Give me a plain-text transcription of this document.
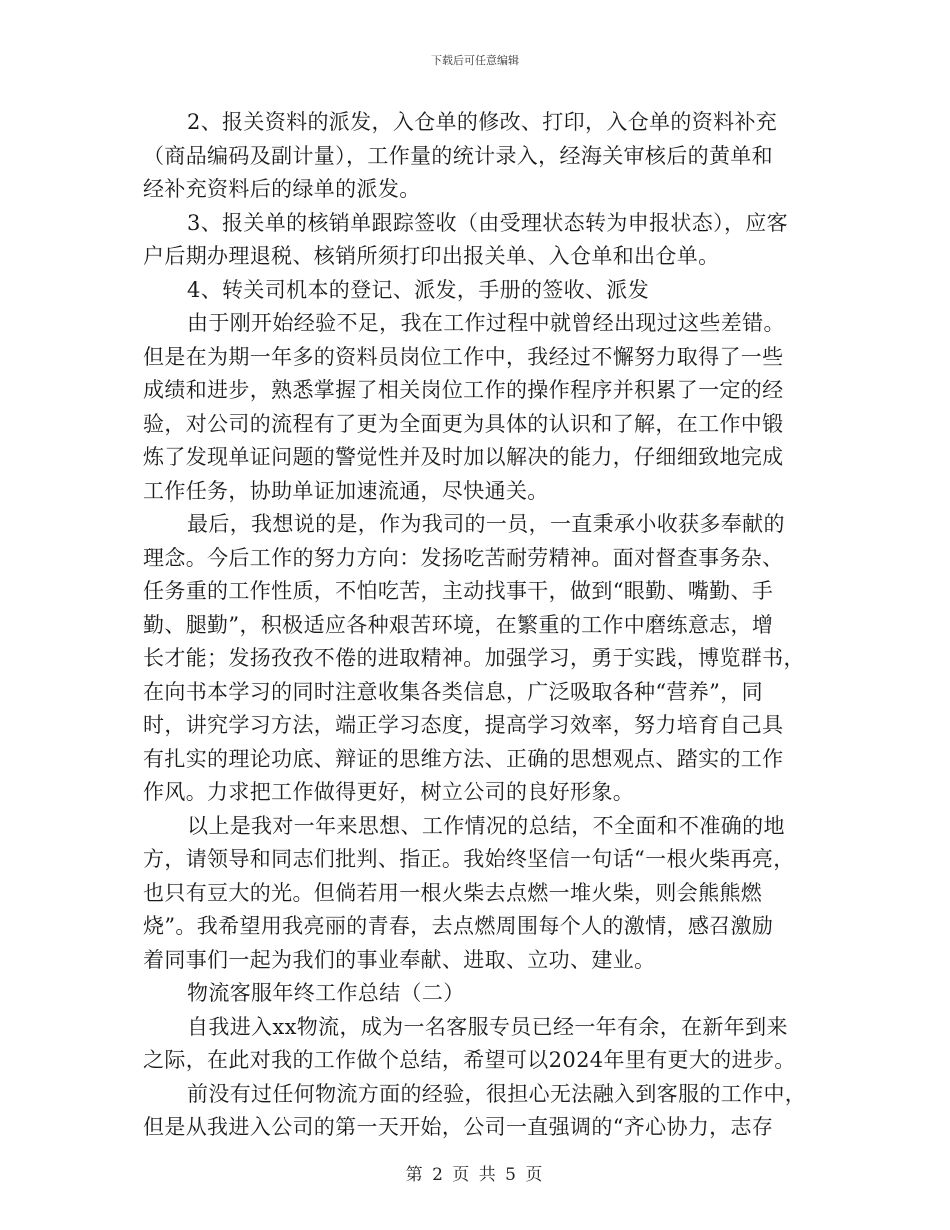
下载后可任意编辑
2、报关资料的派发，入仓单的修改、打印，入仓单的资料补充
（商品编码及副计量），工作量的统计录入，经海关审核后的黄单和
经补充资料后的绿单的派发。
3、报关单的核销单跟踪签收（由受理状态转为申报状态），应客
户后期办理退税、核销所须打印出报关单、入仓单和出仓单。
4、转关司机本的登记、派发，手册的签收、派发
由于刚开始经验不足，我在工作过程中就曾经出现过这些差错。
但是在为期一年多的资料员岗位工作中，我经过不懈努力取得了一些
成绩和进步，熟悉掌握了相关岗位工作的操作程序并积累了一定的经
验，对公司的流程有了更为全面更为具体的认识和了解，在工作中锻
炼了发现单证问题的警觉性并及时加以解决的能力，仔细细致地完成
工作任务，协助单证加速流通，尽快通关。
最后，我想说的是，作为我司的一员，一直秉承小收获多奉献的
理念。今后工作的努力方向：发扬吃苦耐劳精神。面对督查事务杂、
任务重的工作性质，不怕吃苦，主动找事干，做到“眼勤、嘴勤、手
勤、腿勤”，积极适应各种艰苦环境，在繁重的工作中磨练意志，增
长才能；发扬孜孜不倦的进取精神。加强学习，勇于实践，博览群书，
在向书本学习的同时注意收集各类信息，广泛吸取各种“营养”，同
时，讲究学习方法，端正学习态度，提高学习效率，努力培育自己具
有扎实的理论功底、辩证的思维方法、正确的思想观点、踏实的工作
作风。力求把工作做得更好，树立公司的良好形象。
以上是我对一年来思想、工作情况的总结，不全面和不准确的地
方，请领导和同志们批判、指正。我始终坚信一句话“一根火柴再亮，
也只有豆大的光。但倘若用一根火柴去点燃一堆火柴，则会熊熊燃
烧”。我希望用我亮丽的青春，去点燃周围每个人的激情，感召激励
着同事们一起为我们的事业奉献、进取、立功、建业。
物流客服年终工作总结（二）
自我进入xx物流，成为一名客服专员已经一年有余，在新年到来
之际，在此对我的工作做个总结，希望可以2024年里有更大的进步。
前没有过任何物流方面的经验，很担心无法融入到客服的工作中，
但是从我进入公司的第一天开始，公司一直强调的“齐心协力，志存
第 2 页 共 5 页
